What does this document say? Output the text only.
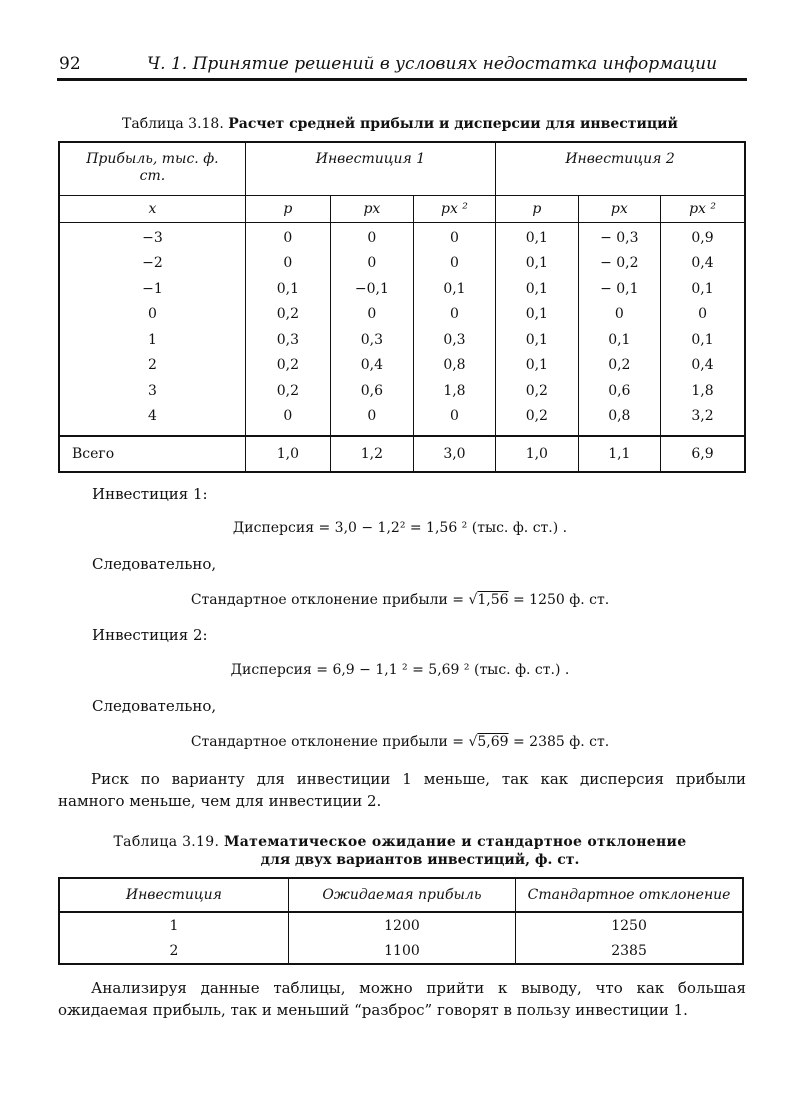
92	Ч. 1. Принятие решений в условиях недостатка информации
Таблица 3.18. Расчет средней прибыли и дисперсии для инвестиций
Прибыль, тыс. ф. ст.	Инвестиция 1			Инвестиция 2		
x	p	px	px ²	p	px	px ²
−3	0	0	0	0,1	− 0,3	0,9
−2	0	0	0	0,1	− 0,2	0,4
−1	0,1	−0,1	0,1	0,1	− 0,1	0,1
0	0,2	0	0	0,1	0	0
1	0,3	0,3	0,3	0,1	0,1	0,1
2	0,2	0,4	0,8	0,1	0,2	0,4
3	0,2	0,6	1,8	0,2	0,6	1,8
4	0	0	0	0,2	0,8	3,2
Всего	1,0	1,2	3,0	1,0	1,1	6,9
Инвестиция 1:
Дисперсия = 3,0 − 1,2² = 1,56 ² (тыс. ф. ст.) .
Следовательно,
Стандартное отклонение прибыли = √1,56 = 1250 ф. ст.
Инвестиция 2:
Дисперсия = 6,9 − 1,1 ² = 5,69 ² (тыс. ф. ст.) .
Следовательно,
Стандартное отклонение прибыли = √5,69 = 2385 ф. ст.
Риск по варианту для инвестиции 1 меньше, так как дисперсия прибыли намного меньше, чем для инвестиции 2.
Таблица 3.19. Математическое ожидание и стандартное отклонение
для двух вариантов инвестиций, ф. ст.
Инвестиция	Ожидаемая прибыль	Стандартное отклонение
1	1200	1250
2	1100	2385
Анализируя данные таблицы, можно прийти к выводу, что как большая ожидаемая прибыль, так и меньший “разброс” говорят в пользу инвестиции 1.
